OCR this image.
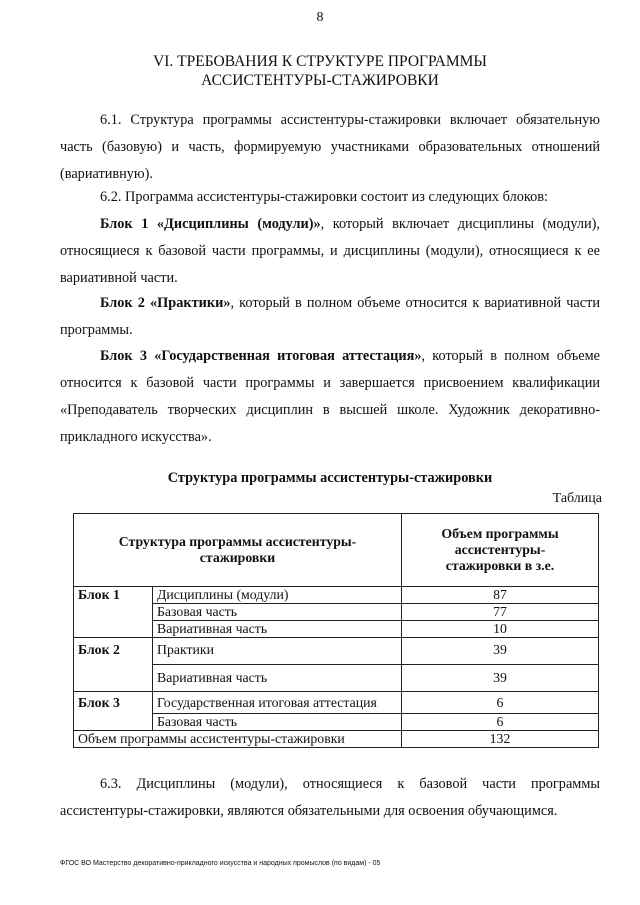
8
VI. ТРЕБОВАНИЯ К СТРУКТУРЕ ПРОГРАММЫ
АССИСТЕНТУРЫ-СТАЖИРОВКИ

6.1. Структура программы ассистентуры-стажировки включает обязательную часть (базовую) и часть, формируемую участниками образовательных отношений (вариативную).

6.2. Программа ассистентуры-стажировки состоит из следующих блоков:

Блок 1 «Дисциплины (модули)», который включает дисциплины (модули), относящиеся к базовой части программы, и дисциплины (модули), относящиеся к ее вариативной части.

Блок 2 «Практики», который в полном объеме относится к вариативной части программы.

Блок 3 «Государственная итоговая аттестация», который в полном объеме относится к базовой части программы и завершается присвоением квалификации «Преподаватель творческих дисциплин в высшей школе. Художник декоративно-прикладного искусства».

Структура программы ассистентуры-стажировки
Таблица
Структура программы ассистентуры-стажировки		Объем программы ассистентуры-стажировки в з.е.
Блок 1	Дисциплины (модули)	87
	Базовая часть	77
	Вариативная часть	10
Блок 2	Практики	39
	Вариативная часть	39
Блок 3	Государственная итоговая аттестация	6
	Базовая часть	6
Объем программы ассистентуры-стажировки		132

6.3. Дисциплины (модули), относящиеся к базовой части программы ассистентуры-стажировки, являются обязательными для освоения обучающимся.

ФГОС ВО Мастерство декоративно-прикладного искусства и народных промыслов (по видам) - 05
